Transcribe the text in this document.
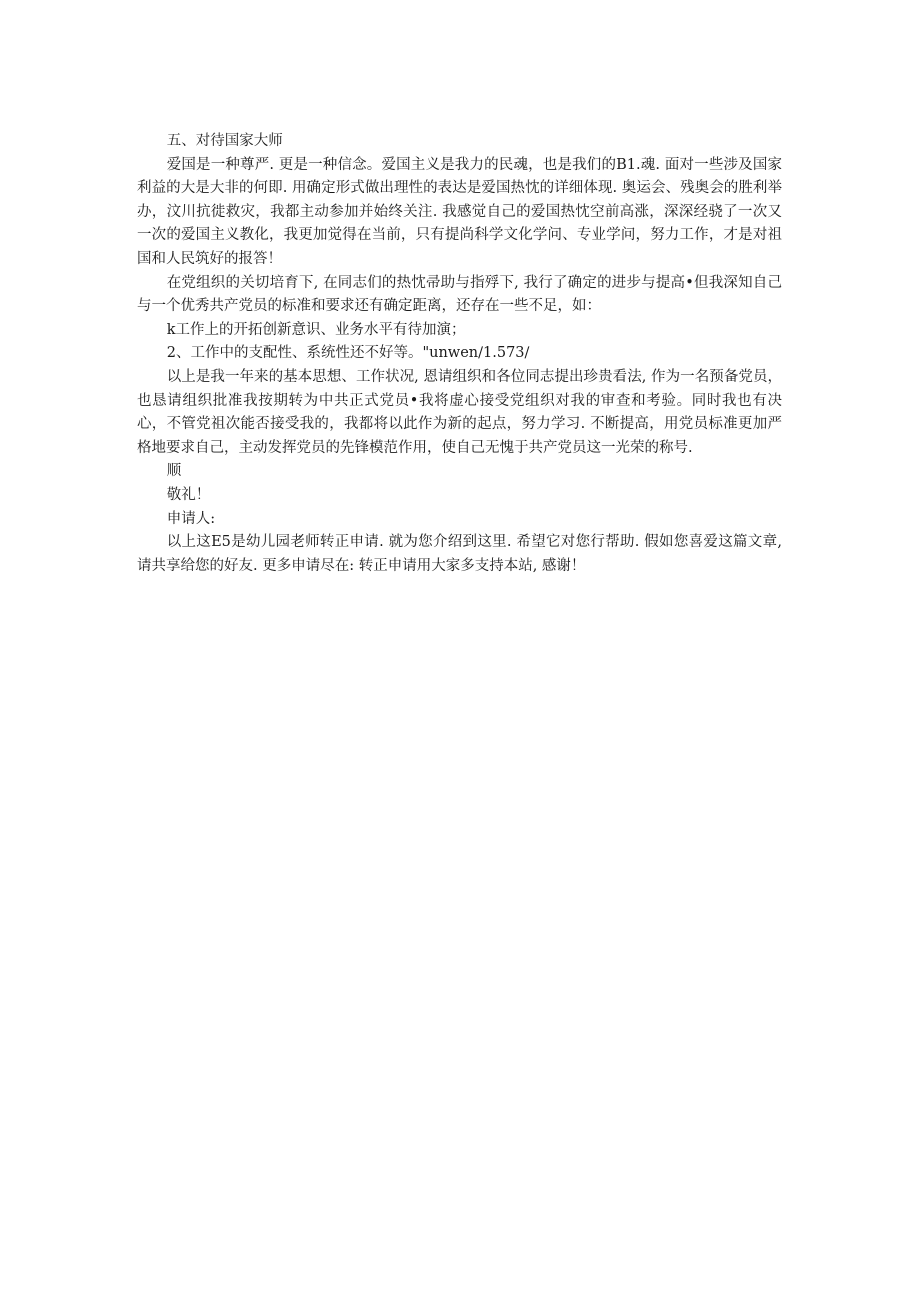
五、对待国家大师

爱国是一种尊严. 更是一种信念。爱国主义是我力的民魂，也是我们的B1.魂. 面对一些涉及国家利益的大是大非的何即. 用确定形式做出理性的表达是爱国热忱的详细体现. 奥运会、残奥会的胜利举办，汶川抗徙救灾，我都主动参加并始终关注. 我感觉自己的爱国热忱空前高涨，深深经骁了一次又一次的爱国主义教化，我更加觉得在当前，只有提尚科学文化学问、专业学问，努力工作，才是对祖国和人民筑好的报答！

在党组织的关切培育下, 在同志们的热忱帚助与指殍下, 我行了确定的进步与提高•但我深知自己与一个优秀共产党员的标准和要求还有确定距离，还存在一些不足，如：

k工作上的开拓创新意识、业务水平有待加演；

2、工作中的支配性、系统性还不好等。"unwen∕1.573∕

以上是我一年来的基本思想、工作状况, 恩请组织和各位同志提出珍贵看法, 作为一名预备党员，也恳请组织批准我按期转为中共正式党员•我将虚心接受党组织对我的审查和考验。同时我也有决心，不管党祖次能否接受我的，我都将以此作为新的起点，努力学习. 不断提高，用党员标准更加严格地要求自己，主动发挥党员的先锋模范作用，使自己无愧于共产党员这一光荣的称号.

顺

敬礼！

申请人:

以上这E5是幼儿园老师转正申请. 就为您介绍到这里. 希望它对您行帮助. 假如您喜爱这篇文章, 请共享给您的好友. 更多申请尽在: 转正申请用大家多支持本站, 感谢！
